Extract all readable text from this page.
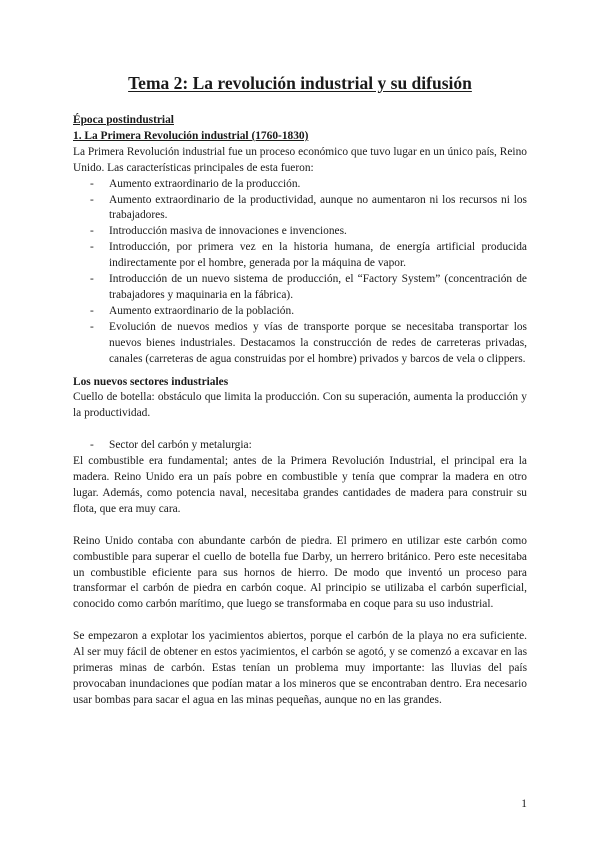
Tema 2: La revolución industrial y su difusión
Época postindustrial
1. La Primera Revolución industrial (1760-1830)

La Primera Revolución industrial fue un proceso económico que tuvo lugar en un único país, Reino Unido. Las características principales de esta fueron:

- Aumento extraordinario de la producción.
- Aumento extraordinario de la productividad, aunque no aumentaron ni los recursos ni los trabajadores.
- Introducción masiva de innovaciones e invenciones.
- Introducción, por primera vez en la historia humana, de energía artificial producida indirectamente por el hombre, generada por la máquina de vapor.
- Introducción de un nuevo sistema de producción, el “Factory System” (concentración de trabajadores y maquinaria en la fábrica).
- Aumento extraordinario de la población.
- Evolución de nuevos medios y vías de transporte porque se necesitaba transportar los nuevos bienes industriales. Destacamos la construcción de redes de carreteras privadas, canales (carreteras de agua construidas por el hombre) privados y barcos de vela o clippers.
Los nuevos sectores industriales

Cuello de botella: obstáculo que limita la producción. Con su superación, aumenta la producción y la productividad.

- Sector del carbón y metalurgia:

El combustible era fundamental; antes de la Primera Revolución Industrial, el principal era la madera. Reino Unido era un país pobre en combustible y tenía que comprar la madera en otro lugar. Además, como potencia naval, necesitaba grandes cantidades de madera para construir su flota, que era muy cara.

Reino Unido contaba con abundante carbón de piedra. El primero en utilizar este carbón como combustible para superar el cuello de botella fue Darby, un herrero británico. Pero este necesitaba un combustible eficiente para sus hornos de hierro. De modo que inventó un proceso para transformar el carbón de piedra en carbón coque. Al principio se utilizaba el carbón superficial, conocido como carbón marítimo, que luego se transformaba en coque para su uso industrial.

Se empezaron a explotar los yacimientos abiertos, porque el carbón de la playa no era suficiente. Al ser muy fácil de obtener en estos yacimientos, el carbón se agotó, y se comenzó a excavar en las primeras minas de carbón. Estas tenían un problema muy importante: las lluvias del país provocaban inundaciones que podían matar a los mineros que se encontraban dentro. Era necesario usar bombas para sacar el agua en las minas pequeñas, aunque no en las grandes.

1
